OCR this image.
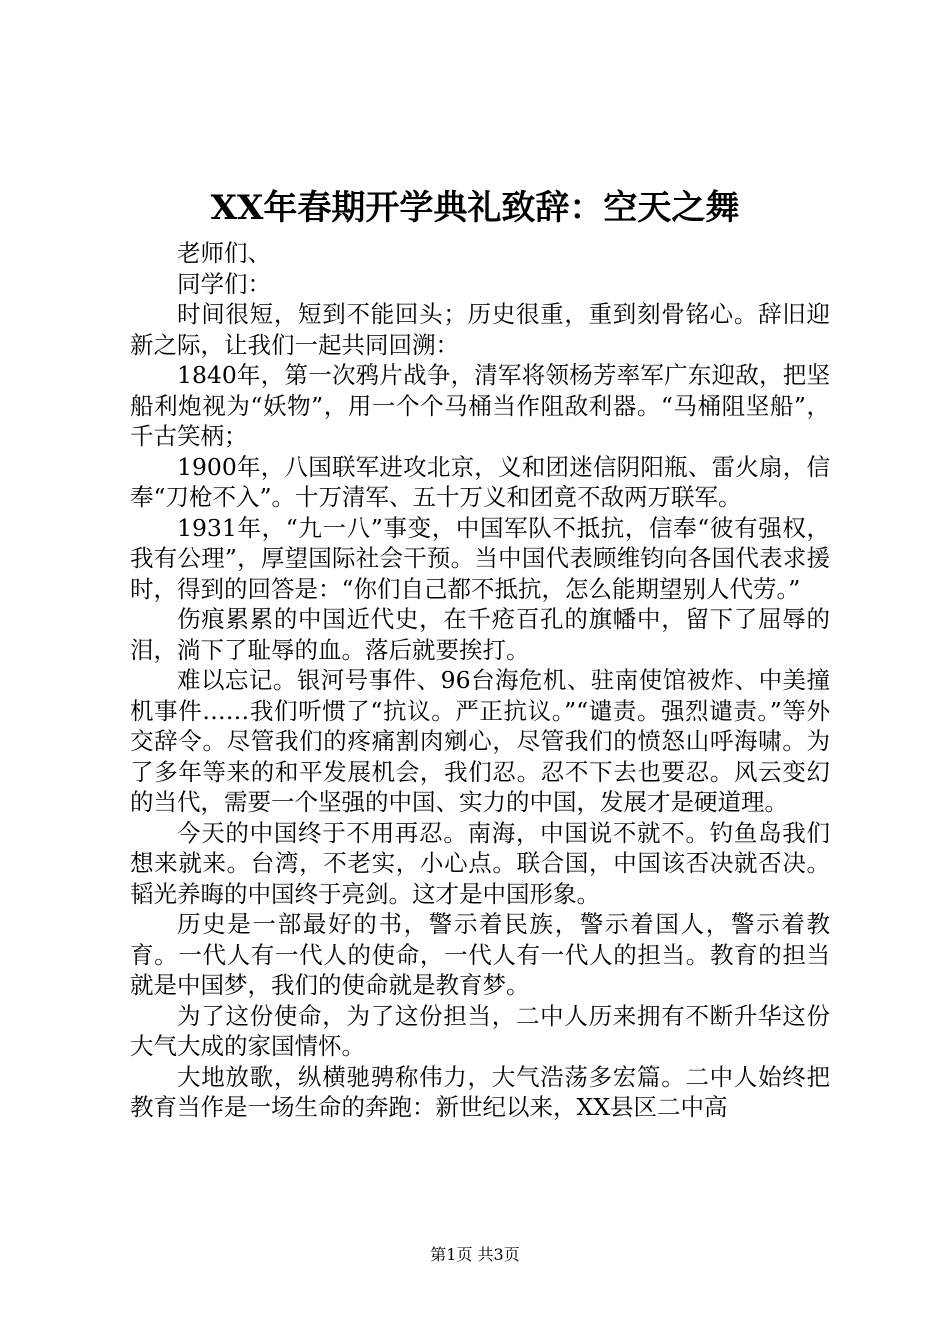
XX年春期开学典礼致辞：空天之舞

老师们、

同学们：

时间很短，短到不能回头；历史很重，重到刻骨铭心。辞旧迎新之际，让我们一起共同回溯：

1840年，第一次鸦片战争，清军将领杨芳率军广东迎敌，把坚船利炮视为“妖物”，用一个个马桶当作阻敌利器。“马桶阻坚船”，千古笑柄；

1900年，八国联军进攻北京，义和团迷信阴阳瓶、雷火扇，信奉“刀枪不入”。十万清军、五十万义和团竟不敌两万联军。

1931年，“九一八”事变，中国军队不抵抗，信奉“彼有强权，我有公理”，厚望国际社会干预。当中国代表顾维钧向各国代表求援时，得到的回答是：“你们自己都不抵抗，怎么能期望别人代劳。”

伤痕累累的中国近代史，在千疮百孔的旗幡中，留下了屈辱的泪，淌下了耻辱的血。落后就要挨打。

难以忘记。银河号事件、96台海危机、驻南使馆被炸、中美撞机事件……我们听惯了“抗议。严正抗议。”“谴责。强烈谴责。”等外交辞令。尽管我们的疼痛割肉剜心，尽管我们的愤怒山呼海啸。为了多年等来的和平发展机会，我们忍。忍不下去也要忍。风云变幻的当代，需要一个坚强的中国、实力的中国，发展才是硬道理。

今天的中国终于不用再忍。南海，中国说不就不。钓鱼岛我们想来就来。台湾，不老实，小心点。联合国，中国该否决就否决。韬光养晦的中国终于亮剑。这才是中国形象。

历史是一部最好的书，警示着民族，警示着国人，警示着教育。一代人有一代人的使命，一代人有一代人的担当。教育的担当就是中国梦，我们的使命就是教育梦。

为了这份使命，为了这份担当，二中人历来拥有不断升华这份大气大成的家国情怀。

大地放歌，纵横驰骋称伟力，大气浩荡多宏篇。二中人始终把教育当作是一场生命的奔跑：新世纪以来，XX县区二中高

第1页 共3页
